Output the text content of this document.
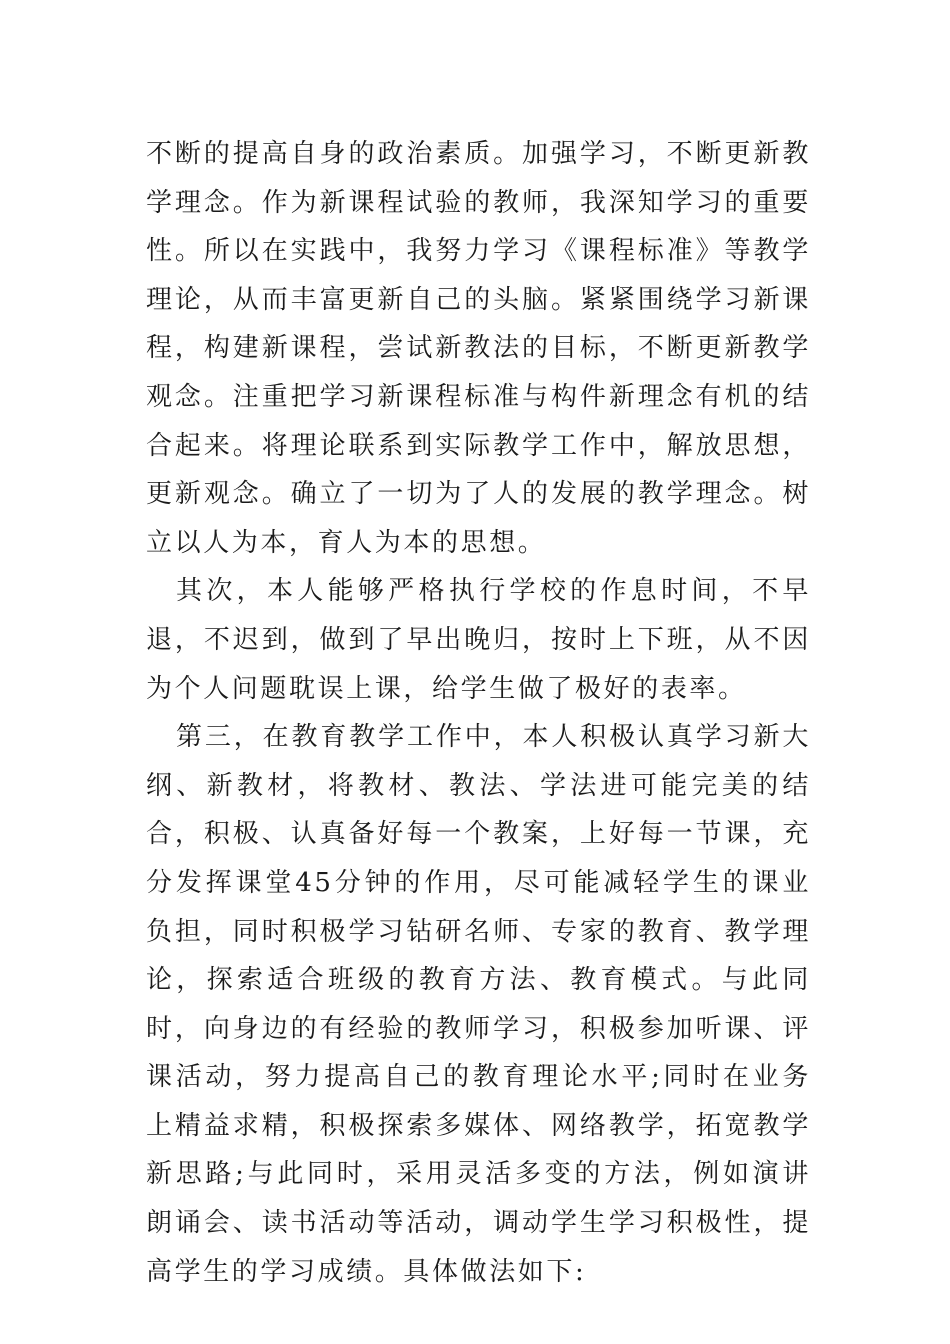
不断的提高自身的政治素质。加强学习，不断更新教学理念。作为新课程试验的教师，我深知学习的重要性。所以在实践中，我努力学习《课程标准》等教学理论，从而丰富更新自己的头脑。紧紧围绕学习新课程，构建新课程，尝试新教法的目标，不断更新教学观念。注重把学习新课程标准与构件新理念有机的结合起来。将理论联系到实际教学工作中，解放思想，更新观念。确立了一切为了人的发展的教学理念。树立以人为本，育人为本的思想。

其次，本人能够严格执行学校的作息时间，不早退，不迟到，做到了早出晚归，按时上下班，从不因为个人问题耽误上课，给学生做了极好的表率。

第三，在教育教学工作中，本人积极认真学习新大纲、新教材，将教材、教法、学法进可能完美的结合，积极、认真备好每一个教案，上好每一节课，充分发挥课堂45分钟的作用，尽可能减轻学生的课业负担，同时积极学习钻研名师、专家的教育、教学理论，探索适合班级的教育方法、教育模式。与此同时，向身边的有经验的教师学习，积极参加听课、评课活动，努力提高自己的教育理论水平;同时在业务上精益求精，积极探索多媒体、网络教学，拓宽教学新思路;与此同时，采用灵活多变的方法，例如演讲朗诵会、读书活动等活动，调动学生学习积极性，提高学生的学习成绩。具体做法如下:
